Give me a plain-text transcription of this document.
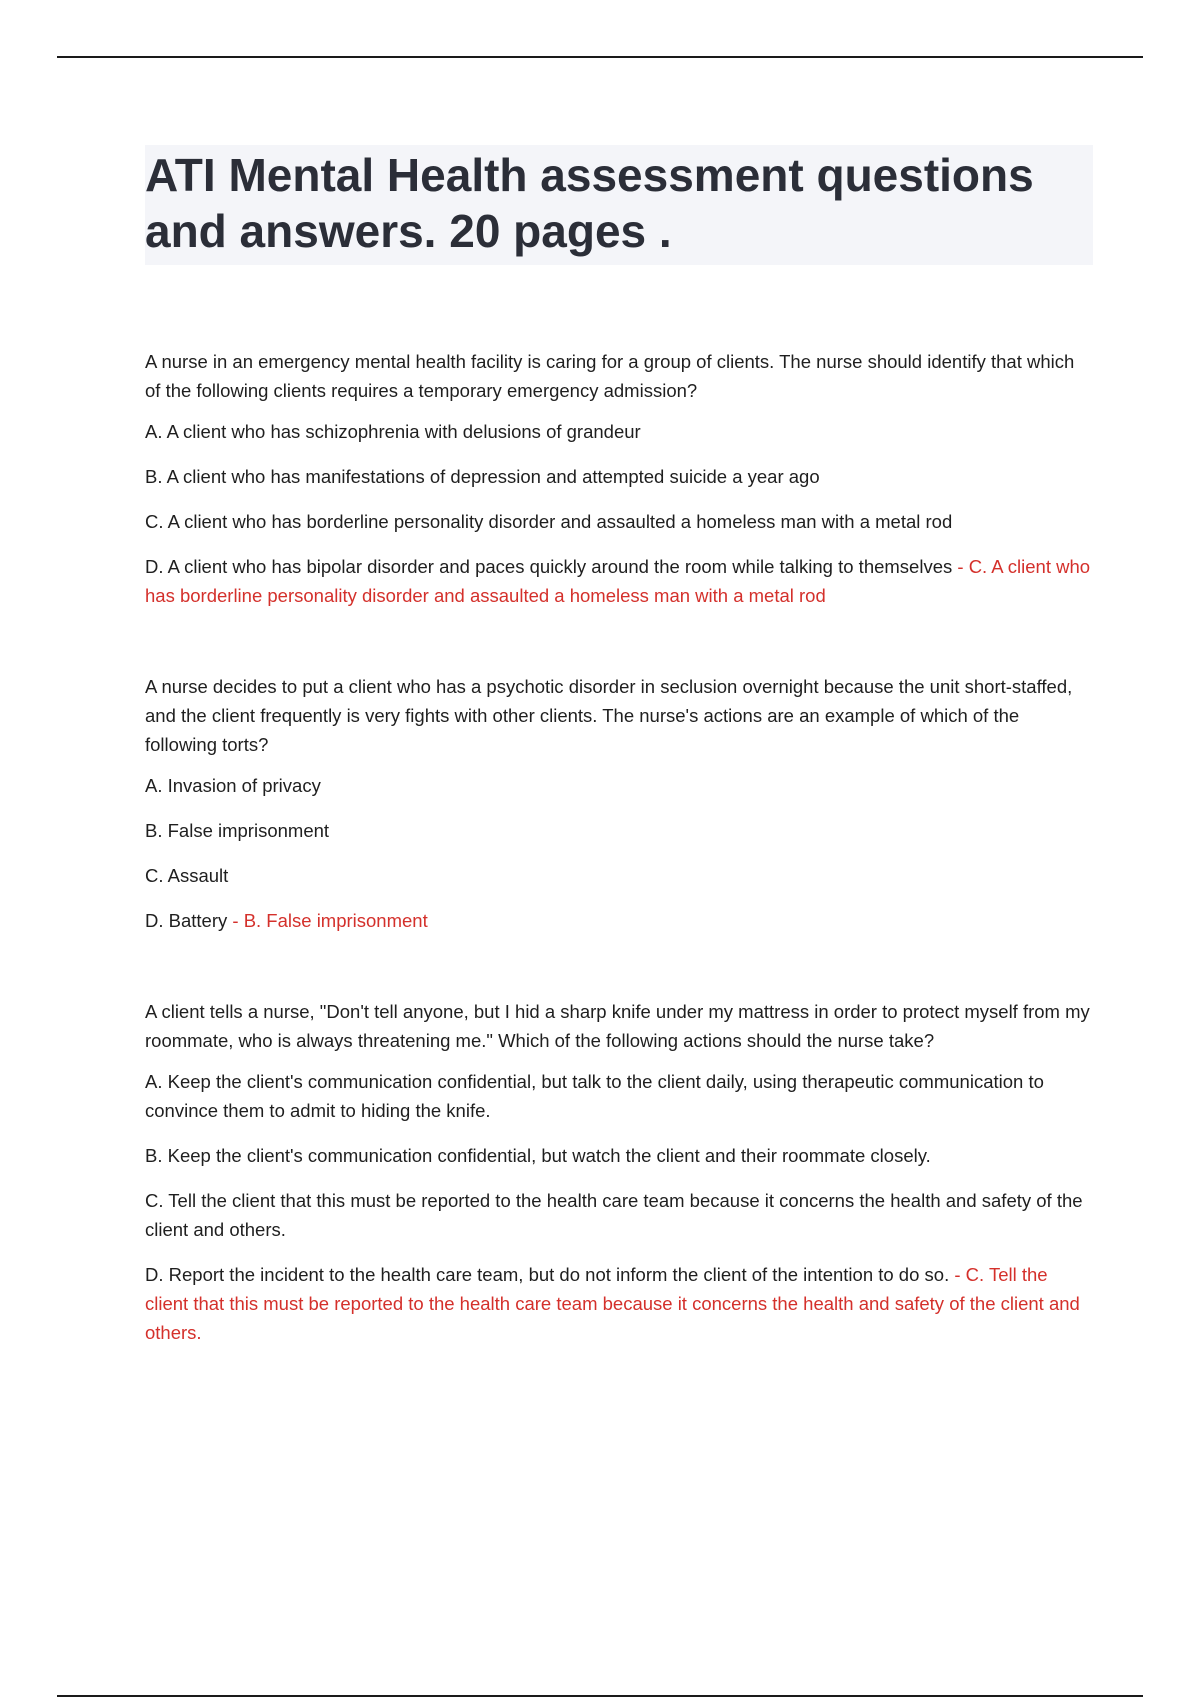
ATI Mental Health assessment questions and answers. 20 pages .

A nurse in an emergency mental health facility is caring for a group of clients. The nurse should identify that which of the following clients requires a temporary emergency admission?

A. A client who has schizophrenia with delusions of grandeur

B. A client who has manifestations of depression and attempted suicide a year ago

C. A client who has borderline personality disorder and assaulted a homeless man with a metal rod

D. A client who has bipolar disorder and paces quickly around the room while talking to themselves - C. A client who has borderline personality disorder and assaulted a homeless man with a metal rod

A nurse decides to put a client who has a psychotic disorder in seclusion overnight because the unit short-staffed, and the client frequently is very fights with other clients. The nurse's actions are an example of which of the following torts?

A. Invasion of privacy

B. False imprisonment

C. Assault

D. Battery - B. False imprisonment

A client tells a nurse, "Don't tell anyone, but I hid a sharp knife under my mattress in order to protect myself from my roommate, who is always threatening me." Which of the following actions should the nurse take?

A. Keep the client's communication confidential, but talk to the client daily, using therapeutic communication to convince them to admit to hiding the knife.

B. Keep the client's communication confidential, but watch the client and their roommate closely.

C. Tell the client that this must be reported to the health care team because it concerns the health and safety of the client and others.

D. Report the incident to the health care team, but do not inform the client of the intention to do so. - C. Tell the client that this must be reported to the health care team because it concerns the health and safety of the client and others.
